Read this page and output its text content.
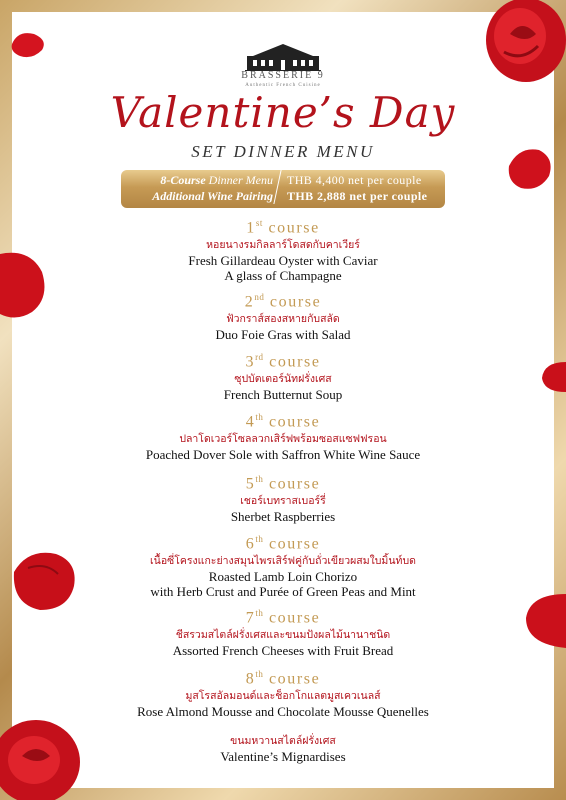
BRASSERIE 9
Authentic French Cuisine
Valentine’s Day
SET DINNER MENU
8-Course Dinner Menu THB 4,400 net per couple
Additional Wine Pairing THB 2,888 net per couple
1st course
หอยนางรมกิลลาร์โดสดกับคาเวียร์
Fresh Gillardeau Oyster with Caviar
A glass of Champagne
2nd course
ฟัวกราส์สองสหายกับสลัด
Duo Foie Gras with Salad
3rd course
ซุปบัตเตอร์นัทฝรั่งเศส
French Butternut Soup
4th course
ปลาโดเวอร์โซลลวกเสิร์ฟพร้อมซอสแซฟฟรอน
Poached Dover Sole with Saffron White Wine Sauce
5th course
เชอร์เบทราสเบอร์รี่
Sherbet Raspberries
6th course
เนื้อซี่โครงแกะย่างสมุนไพรเสิร์ฟคู่กับถั่วเขียวผสมใบมิ้นท์บด
Roasted Lamb Loin Chorizo
with Herb Crust and Purée of Green Peas and Mint
7th course
ชีสรวมสไตล์ฝรั่งเศสและขนมปังผลไม้นานาชนิด
Assorted French Cheeses with Fruit Bread
8th course
มูสโรสอัลมอนด์และช็อกโกแลตมูสเควเนลส์
Rose Almond Mousse and Chocolate Mousse Quenelles
ขนมหวานสไตล์ฝรั่งเศส
Valentine’s Mignardises
